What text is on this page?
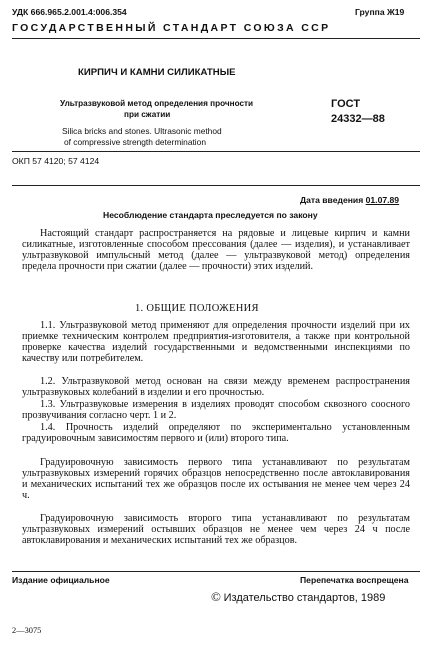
УДК 666.965.2.001.4:006.354	Группа Ж19
ГОСУДАРСТВЕННЫЙ СТАНДАРТ СОЮЗА ССР
КИРПИЧ И КАМНИ СИЛИКАТНЫЕ
Ультразвуковой метод определения прочности
при сжатии
Silica bricks and stones. Ultrasonic method
of compressive strength determination
ГОСТ
24332—88
ОКП 57 4120; 57 4124
Дата введения 01.07.89
Несоблюдение стандарта преследуется по закону
Настоящий стандарт распространяется на рядовые и лицевые кирпич и камни силикатные, изготовленные способом прессования (далее — изделия), и устанавливает ультразвуковой импульсный метод (далее — ультразвуковой метод) определения предела прочности при сжатии (далее — прочности) этих изделий.
1. ОБЩИЕ ПОЛОЖЕНИЯ
1.1. Ультразвуковой метод применяют для определения прочности изделий при их приемке техническим контролем предприятия-изготовителя, а также при контрольной проверке качества изделий государственными и ведомственными инспекциями по качеству или потребителем.
1.2. Ультразвуковой метод основан на связи между временем распространения ультразвуковых колебаний в изделии и его прочностью.
1.3. Ультразвуковые измерения в изделиях проводят способом сквозного соосного прозвучивания согласно черт. 1 и 2.
1.4. Прочность изделий определяют по экспериментально установленным градуировочным зависимостям первого и (или) второго типа.
Градуировочную зависимость первого типа устанавливают по результатам ультразвуковых измерений горячих образцов непосредственно после автоклавирования и механических испытаний тех же образцов после их остывания не менее чем через 24 ч.
Градуировочную зависимость второго типа устанавливают по результатам ультразвуковых измерений остывших образцов не менее чем через 24 ч после автоклавирования и механических испытаний тех же образцов.
Издание официальное	Перепечатка воспрещена
© Издательство стандартов, 1989
2—3075
